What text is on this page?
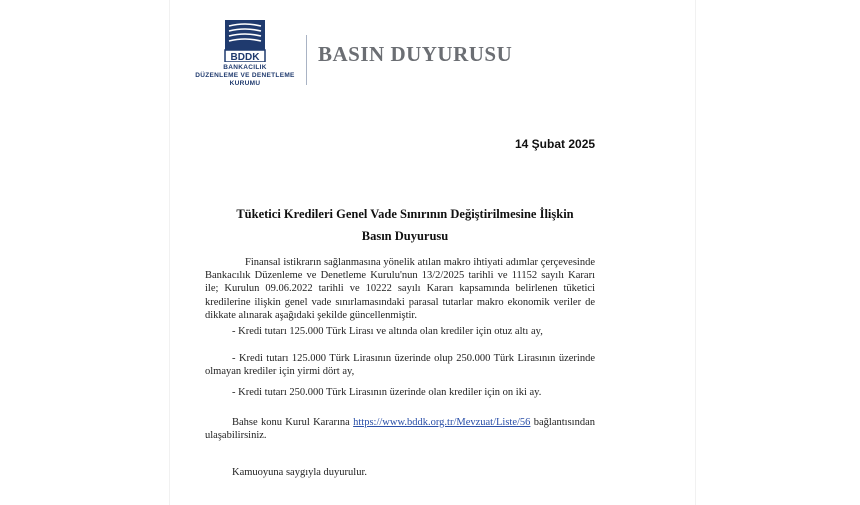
BDDK
BANKACILIK
DÜZENLEME VE DENETLEME
KURUMU
BASIN DUYURUSU
14 Şubat 2025
Tüketici Kredileri Genel Vade Sınırının Değiştirilmesine İlişkin
Basın Duyurusu
Finansal istikrarın sağlanmasına yönelik atılan makro ihtiyati adımlar çerçevesinde Bankacılık Düzenleme ve Denetleme Kurulu'nun 13/2/2025 tarihli ve 11152 sayılı Kararı ile; Kurulun 09.06.2022 tarihli ve 10222 sayılı Kararı kapsamında belirlenen tüketici kredilerine ilişkin genel vade sınırlamasındaki parasal tutarlar makro ekonomik veriler de dikkate alınarak aşağıdaki şekilde güncellenmiştir.
- Kredi tutarı 125.000 Türk Lirası ve altında olan krediler için otuz altı ay,
- Kredi tutarı 125.000 Türk Lirasının üzerinde olup 250.000 Türk Lirasının üzerinde olmayan krediler için yirmi dört ay,
- Kredi tutarı 250.000 Türk Lirasının üzerinde olan krediler için on iki ay.
Bahse konu Kurul Kararına https://www.bddk.org.tr/Mevzuat/Liste/56 bağlantısından ulaşabilirsiniz.
Kamuoyuna saygıyla duyurulur.
